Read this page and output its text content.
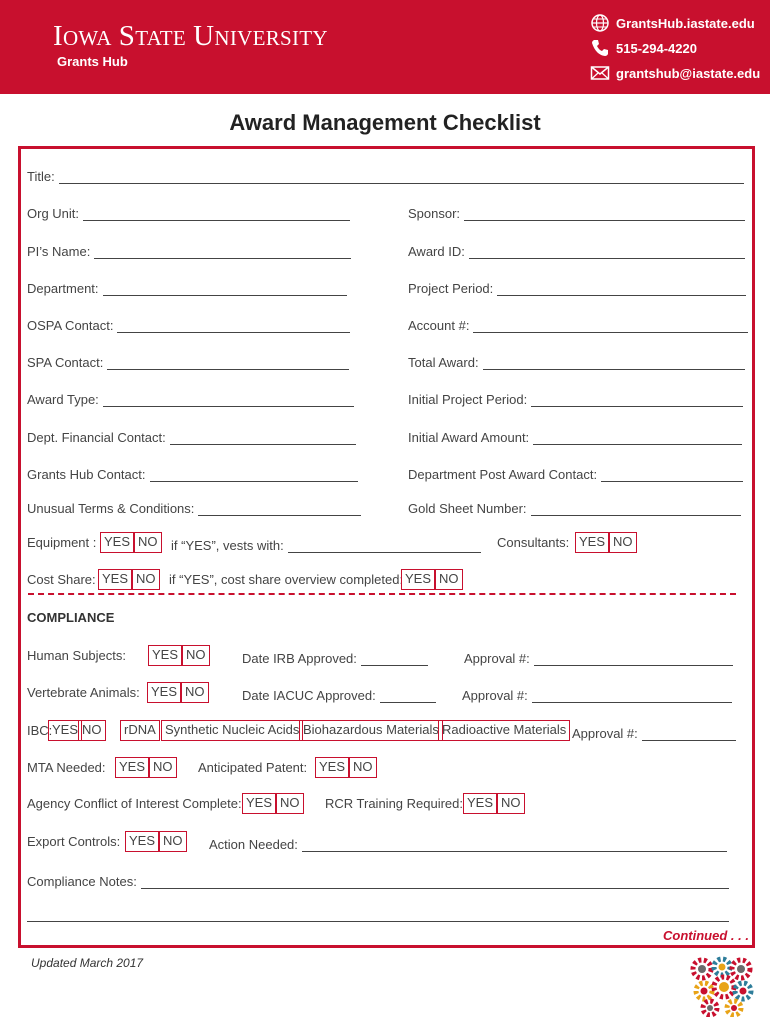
IOWA STATE UNIVERSITY
Grants Hub
GrantsHub.iastate.edu
515-294-4220
grantshub@iastate.edu
Award Management Checklist
Title:
Org Unit:	Sponsor:
PI’s Name:	Award ID:
Department:	Project Period:
OSPA Contact:	Account #:
SPA Contact:	Total Award:
Award Type:	Initial Project Period:
Dept. Financial Contact:	Initial Award Amount:
Grants Hub Contact:	Department Post Award Contact:
Unusual Terms & Conditions:	Gold Sheet Number:
Equipment : YES NO	if “YES”, vests with:	Consultants: YES NO
Cost Share: YES NO	if “YES”, cost share overview completed: YES NO
COMPLIANCE
Human Subjects:	YES NO	Date IRB Approved:	Approval #:
Vertebrate Animals: YES NO	Date IACUC Approved:	Approval #:
IBC: YES NO	rDNA Synthetic Nucleic Acids Biohazardous Materials Radioactive Materials Approval #:
MTA Needed:	YES NO	Anticipated Patent: YES NO
Agency Conflict of Interest Complete: YES NO	RCR Training Required: YES NO
Export Controls: YES NO	Action Needed:
Compliance Notes:
Continued . . .
Updated March 2017
